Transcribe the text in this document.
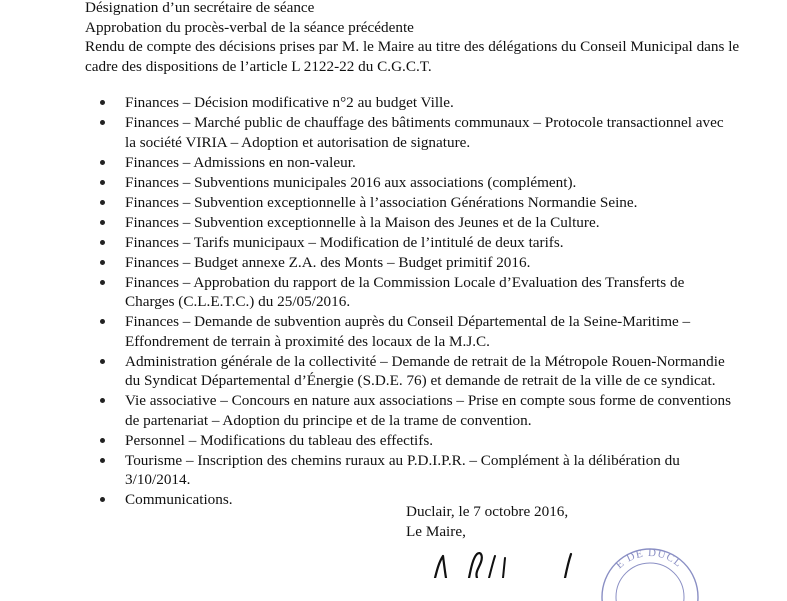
Désignation d’un secrétaire de séance

Approbation du procès-verbal de la séance précédente

Rendu de compte des décisions prises par M. le Maire au titre des délégations du Conseil Municipal dans le

cadre des dispositions de l’article L 2122-22 du C.G.C.T.

Finances – Décision modificative n°2 au budget Ville.
Finances – Marché public de chauffage des bâtiments communaux – Protocole transactionnel avec
la société VIRIA – Adoption et autorisation de signature.
Finances – Admissions en non-valeur.
Finances – Subventions municipales 2016 aux associations (complément).
Finances – Subvention exceptionnelle à l’association Générations Normandie Seine.
Finances – Subvention exceptionnelle à la Maison des Jeunes et de la Culture.
Finances – Tarifs municipaux – Modification de l’intitulé de deux tarifs.
Finances – Budget annexe Z.A. des Monts – Budget primitif 2016.
Finances – Approbation du rapport de la Commission Locale d’Evaluation des Transferts de
Charges (C.L.E.T.C.) du 25/05/2016.
Finances – Demande de subvention auprès du Conseil Départemental de la Seine-Maritime –
Effondrement de terrain à proximité des locaux de la M.J.C.
Administration générale de la collectivité – Demande de retrait de la Métropole Rouen-Normandie
du Syndicat Départemental d’Énergie (S.D.E. 76) et demande de retrait de la ville de ce syndicat.
Vie associative – Concours en nature aux associations – Prise en compte sous forme de conventions
de partenariat – Adoption du principe et de la trame de convention.
Personnel – Modifications du tableau des effectifs.
Tourisme – Inscription des chemins ruraux au P.D.I.P.R. – Complément à la délibération du
3/10/2014.
Communications.

Duclair, le 7 octobre 2016,

Le Maire,

E DE DUCL
